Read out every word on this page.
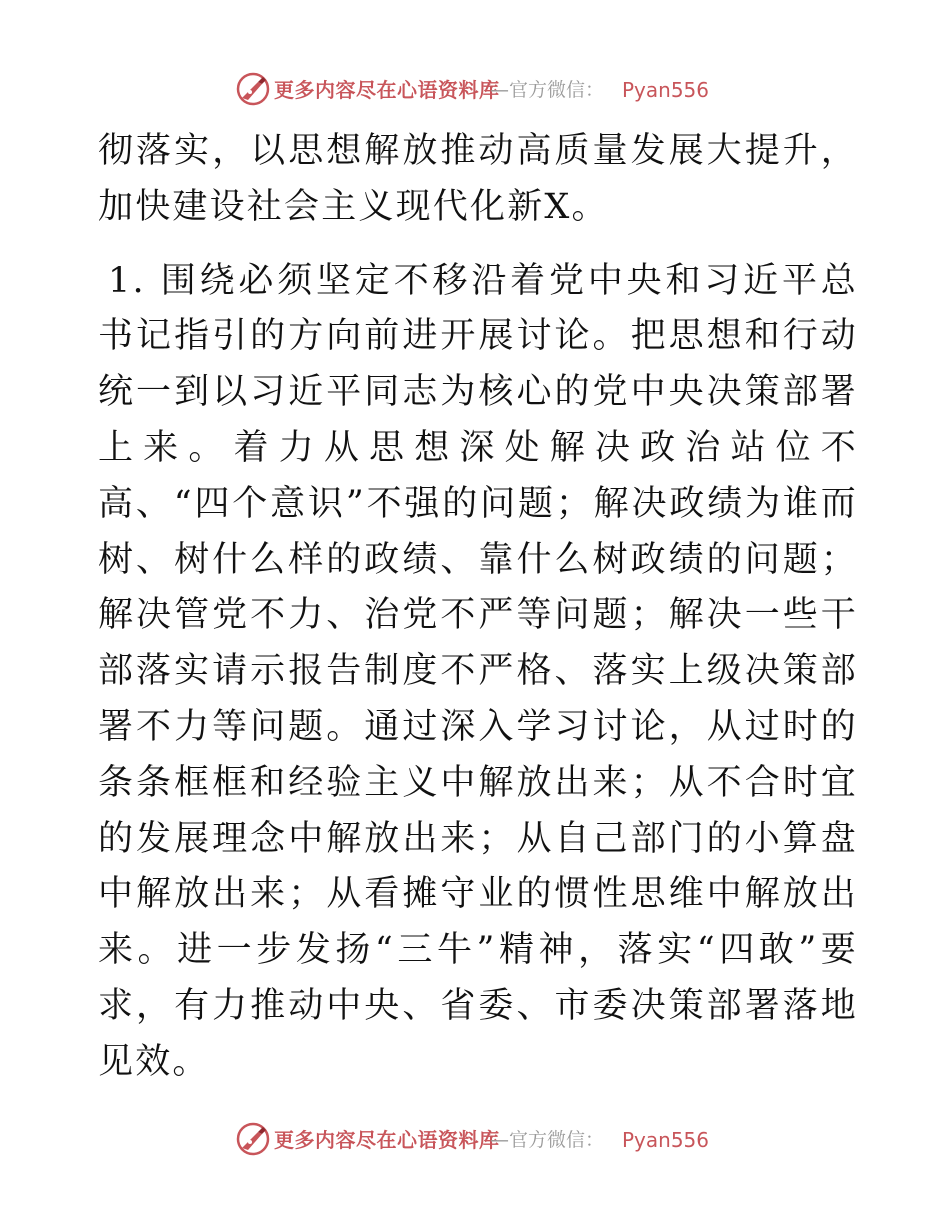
更多内容尽在心语资料库
—官方微信： Pyan556

彻落实，以思想解放推动高质量发展大提升，加快建设社会主义现代化新X。

1. 围绕必须坚定不移沿着党中央和习近平总书记指引的方向前进开展讨论。把思想和行动统一到以习近平同志为核心的党中央决策部署上来。着力从思想深处解决政治站位不高、“四个意识”不强的问题；解决政绩为谁而树、树什么样的政绩、靠什么树政绩的问题；解决管党不力、治党不严等问题；解决一些干部落实请示报告制度不严格、落实上级决策部署不力等问题。通过深入学习讨论，从过时的条条框框和经验主义中解放出来；从不合时宜的发展理念中解放出来；从自己部门的小算盘中解放出来；从看摊守业的惯性思维中解放出来。进一步发扬“三牛”精神，落实“四敢”要求，有力推动中央、省委、市委决策部署落地见效。

更多内容尽在心语资料库
—官方微信： Pyan556
